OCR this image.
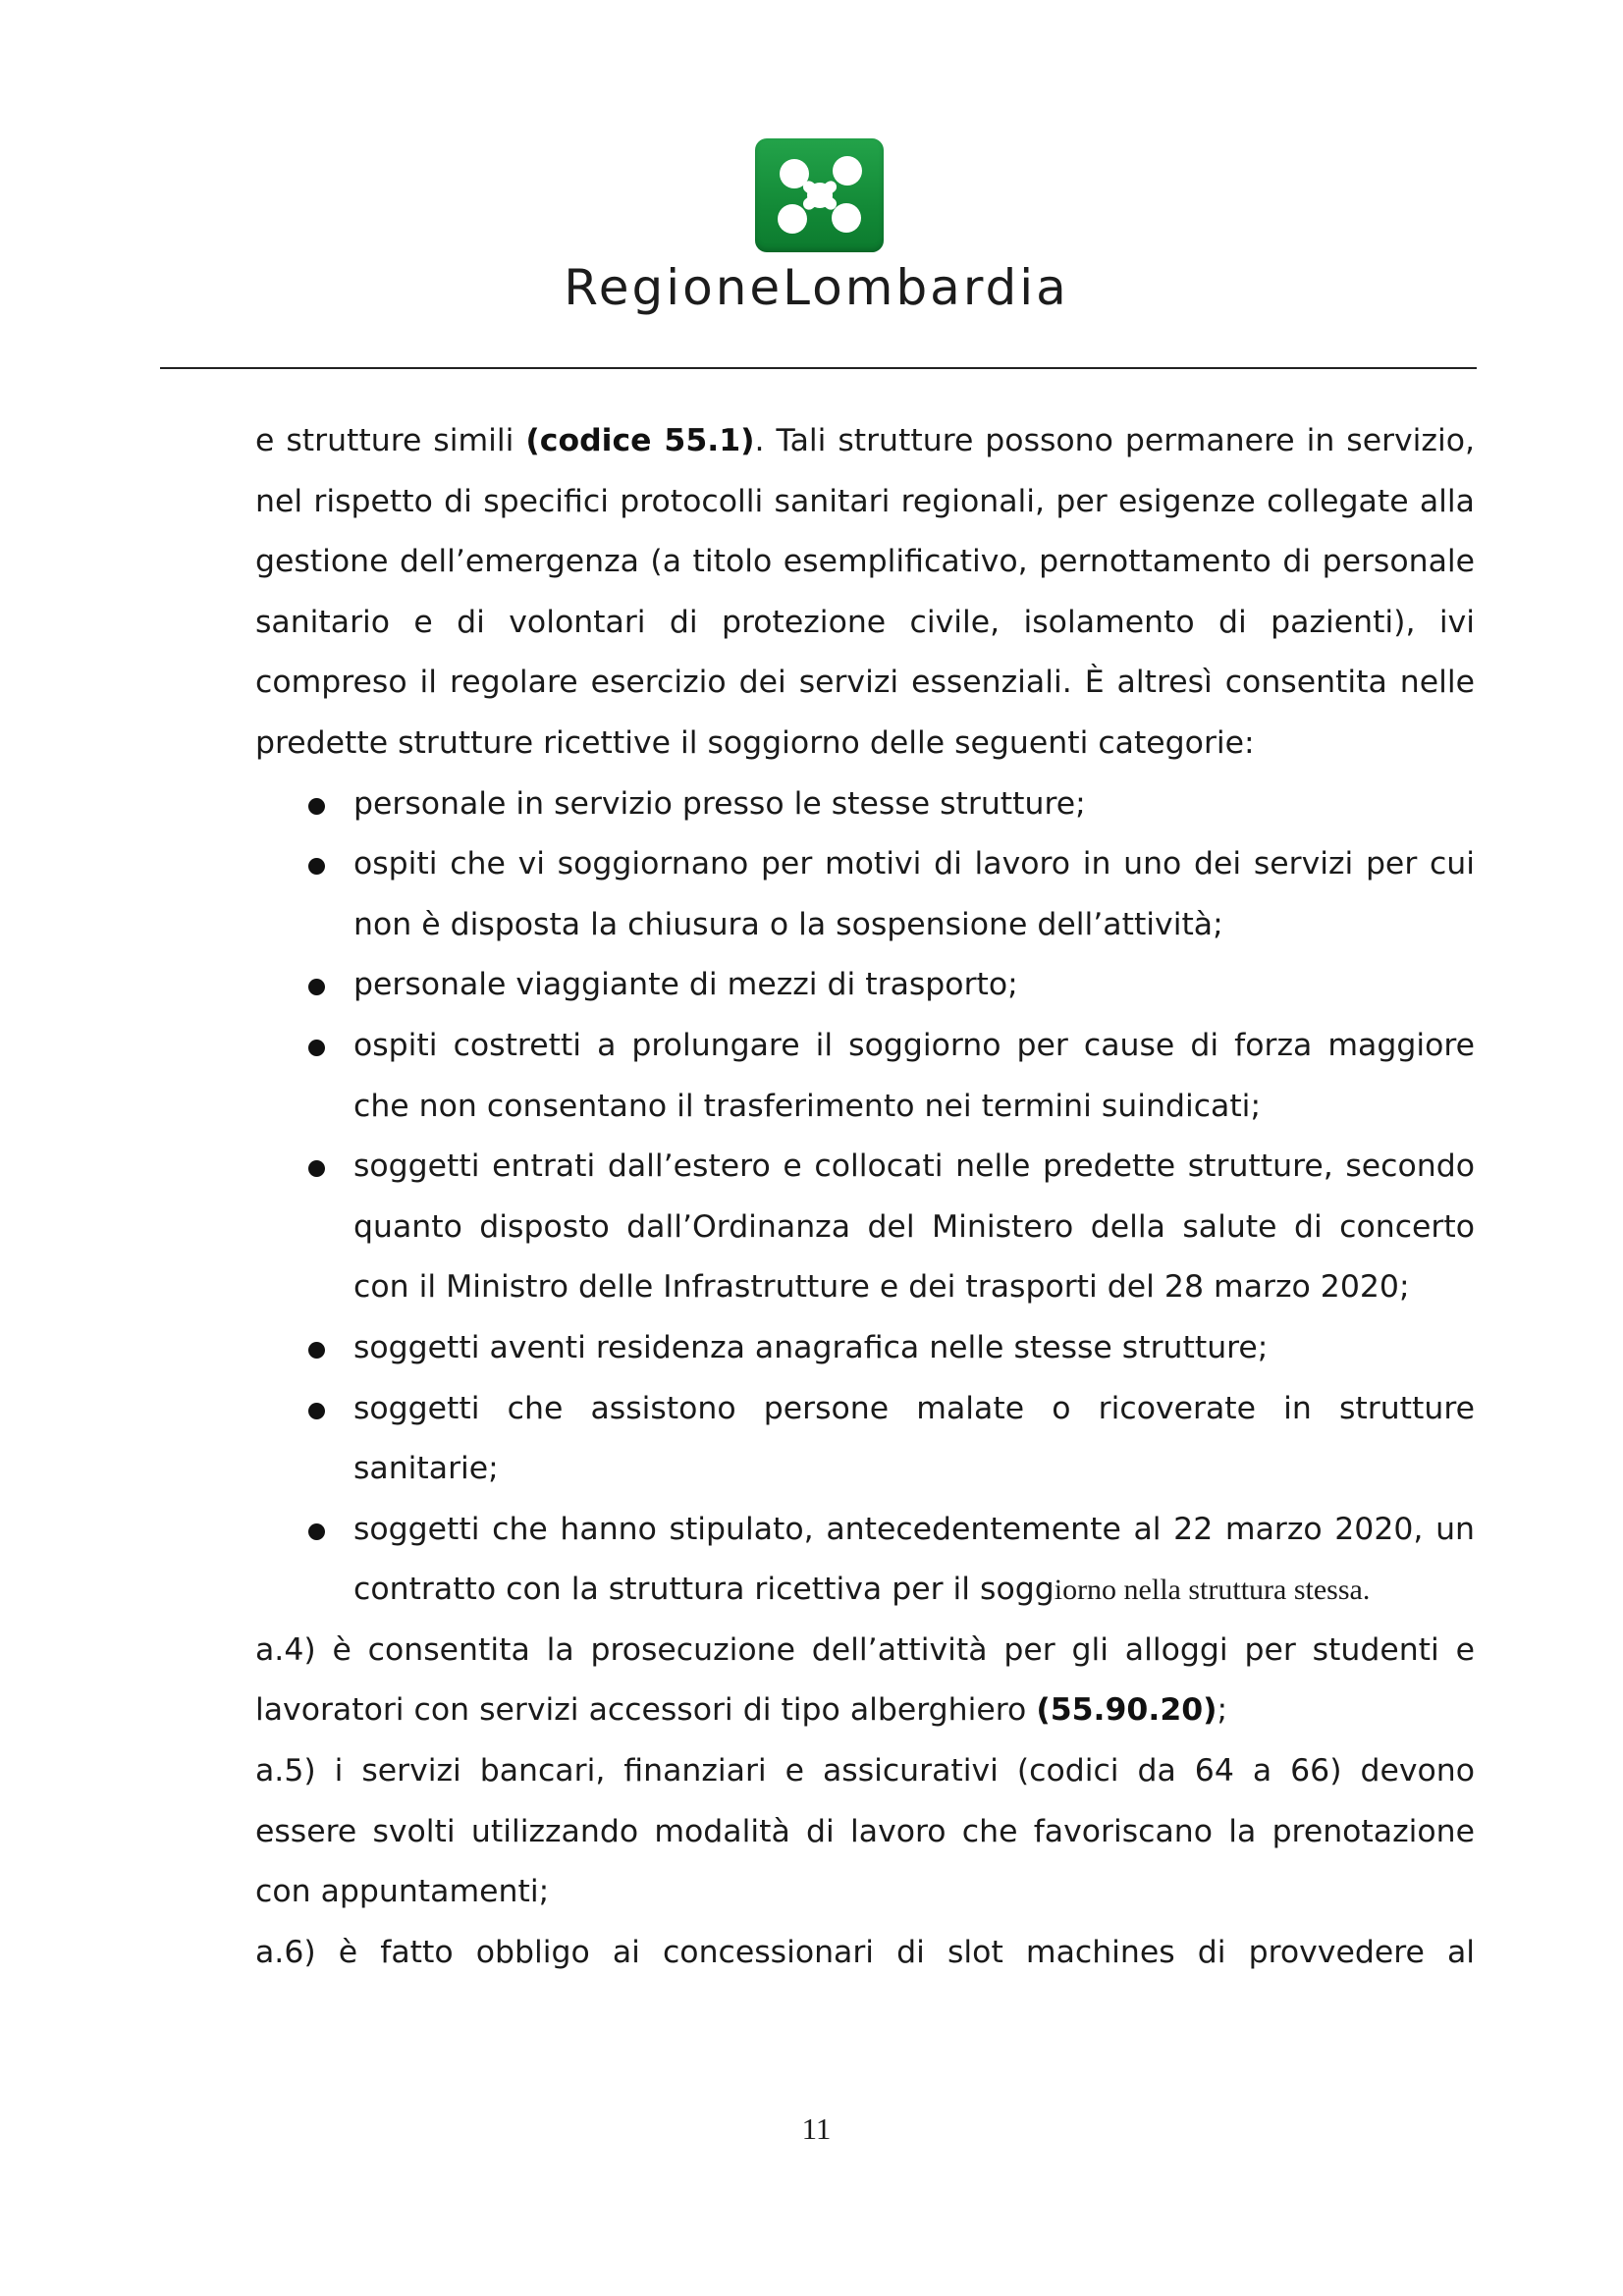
RegioneLombardia

e strutture simili (codice 55.1). Tali strutture possono permanere in servizio, nel rispetto di specifici protocolli sanitari regionali, per esigenze collegate alla gestione dell’emergenza (a titolo esemplificativo, pernottamento di personale sanitario e di volontari di protezione civile, isolamento di pazienti), ivi compreso il regolare esercizio dei servizi essenziali. È altresì consentita nelle predette strutture ricettive il soggiorno delle seguenti categorie:

personale in servizio presso le stesse strutture;
ospiti che vi soggiornano per motivi di lavoro in uno dei servizi per cui non è disposta la chiusura o la sospensione dell’attività;
personale viaggiante di mezzi di trasporto;
ospiti costretti a prolungare il soggiorno per cause di forza maggiore che non consentano il trasferimento nei termini suindicati;
soggetti entrati dall’estero e collocati nelle predette strutture, secondo quanto disposto dall’Ordinanza del Ministero della salute di concerto con il Ministro delle Infrastrutture e dei trasporti del 28 marzo 2020;
soggetti aventi residenza anagrafica nelle stesse strutture;
soggetti che assistono persone malate o ricoverate in strutture sanitarie;
soggetti che hanno stipulato, antecedentemente al 22 marzo 2020, un contratto con la struttura ricettiva per il soggiorno nella struttura stessa.

a.4) è consentita la prosecuzione dell’attività per gli alloggi per studenti e lavoratori con servizi accessori di tipo alberghiero (55.90.20);

a.5) i servizi bancari, finanziari e assicurativi (codici da 64 a 66) devono essere svolti utilizzando modalità di lavoro che favoriscano la prenotazione con appuntamenti;

a.6) è fatto obbligo ai concessionari di slot machines di provvedere al

11
